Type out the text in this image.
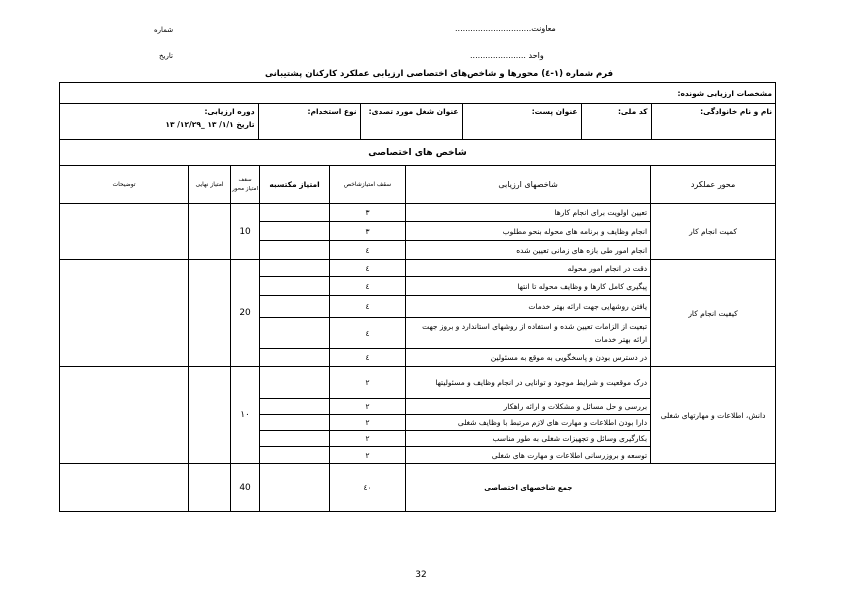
شماره
تاریخ
معاونت..............................
واحد ......................
فرم شماره (۱-٤) محورها و شاخص‌های اختصاصی ارزیابی عملکرد کارکنان پشتیبانی
مشخصات ارزیابی شونده:

نام و نام خانوادگی:	کد ملی:	عنوان پست:	عنوان شغل مورد تصدی:	نوع استخدام:	
دوره ارزیابی:
تاریخ ۱/۱/ ۱۳ _۱۲/۲۹/ ۱۳

شاخص های اختصاصی
محور عملکرد	شاخصهای ارزیابی	سقف امتیازشاخص	امتیاز مکتسبه	سقف امتیاز محور	امتیاز نهایی	توضیحات
کمیت انجام کار	تعیین اولویت برای انجام کارها	۳		10		
انجام وظایف و برنامه های محوله بنحو مطلوب	۳	
انجام امور طی بازه های زمانی تعیین شده	٤	
کیفیت انجام کار	دقت در انجام امور محوله	٤		20		
پیگیری کامل کارها و وظایف محوله تا انتها	٤	
یافتن روشهایی جهت ارائه بهتر خدمات	٤	
تبعیت از الزامات تعیین شده و استفاده از روشهای استاندارد و بروز جهت ارائه بهتر خدمات	٤	
در دسترس بودن و پاسخگویی به موقع به مسئولین	٤	
دانش، اطلاعات و مهارتهای شغلی	درک موقعیت و شرایط موجود و توانایی در انجام وظایف و مسئولیتها	۲		۱۰		
بررسی و حل مسائل و مشکلات و ارائه راهکار	۲	
دارا بودن اطلاعات و مهارت های لازم مرتبط با وظایف شغلی	۲	
بکارگیری وسائل و تجهیزات شغلی به طور مناسب	۲	
توسعه و بروزرسانی اطلاعات و مهارت های شغلی	۲	
	جمع شاخصهای اختصاصی	٤٠		40		
32
